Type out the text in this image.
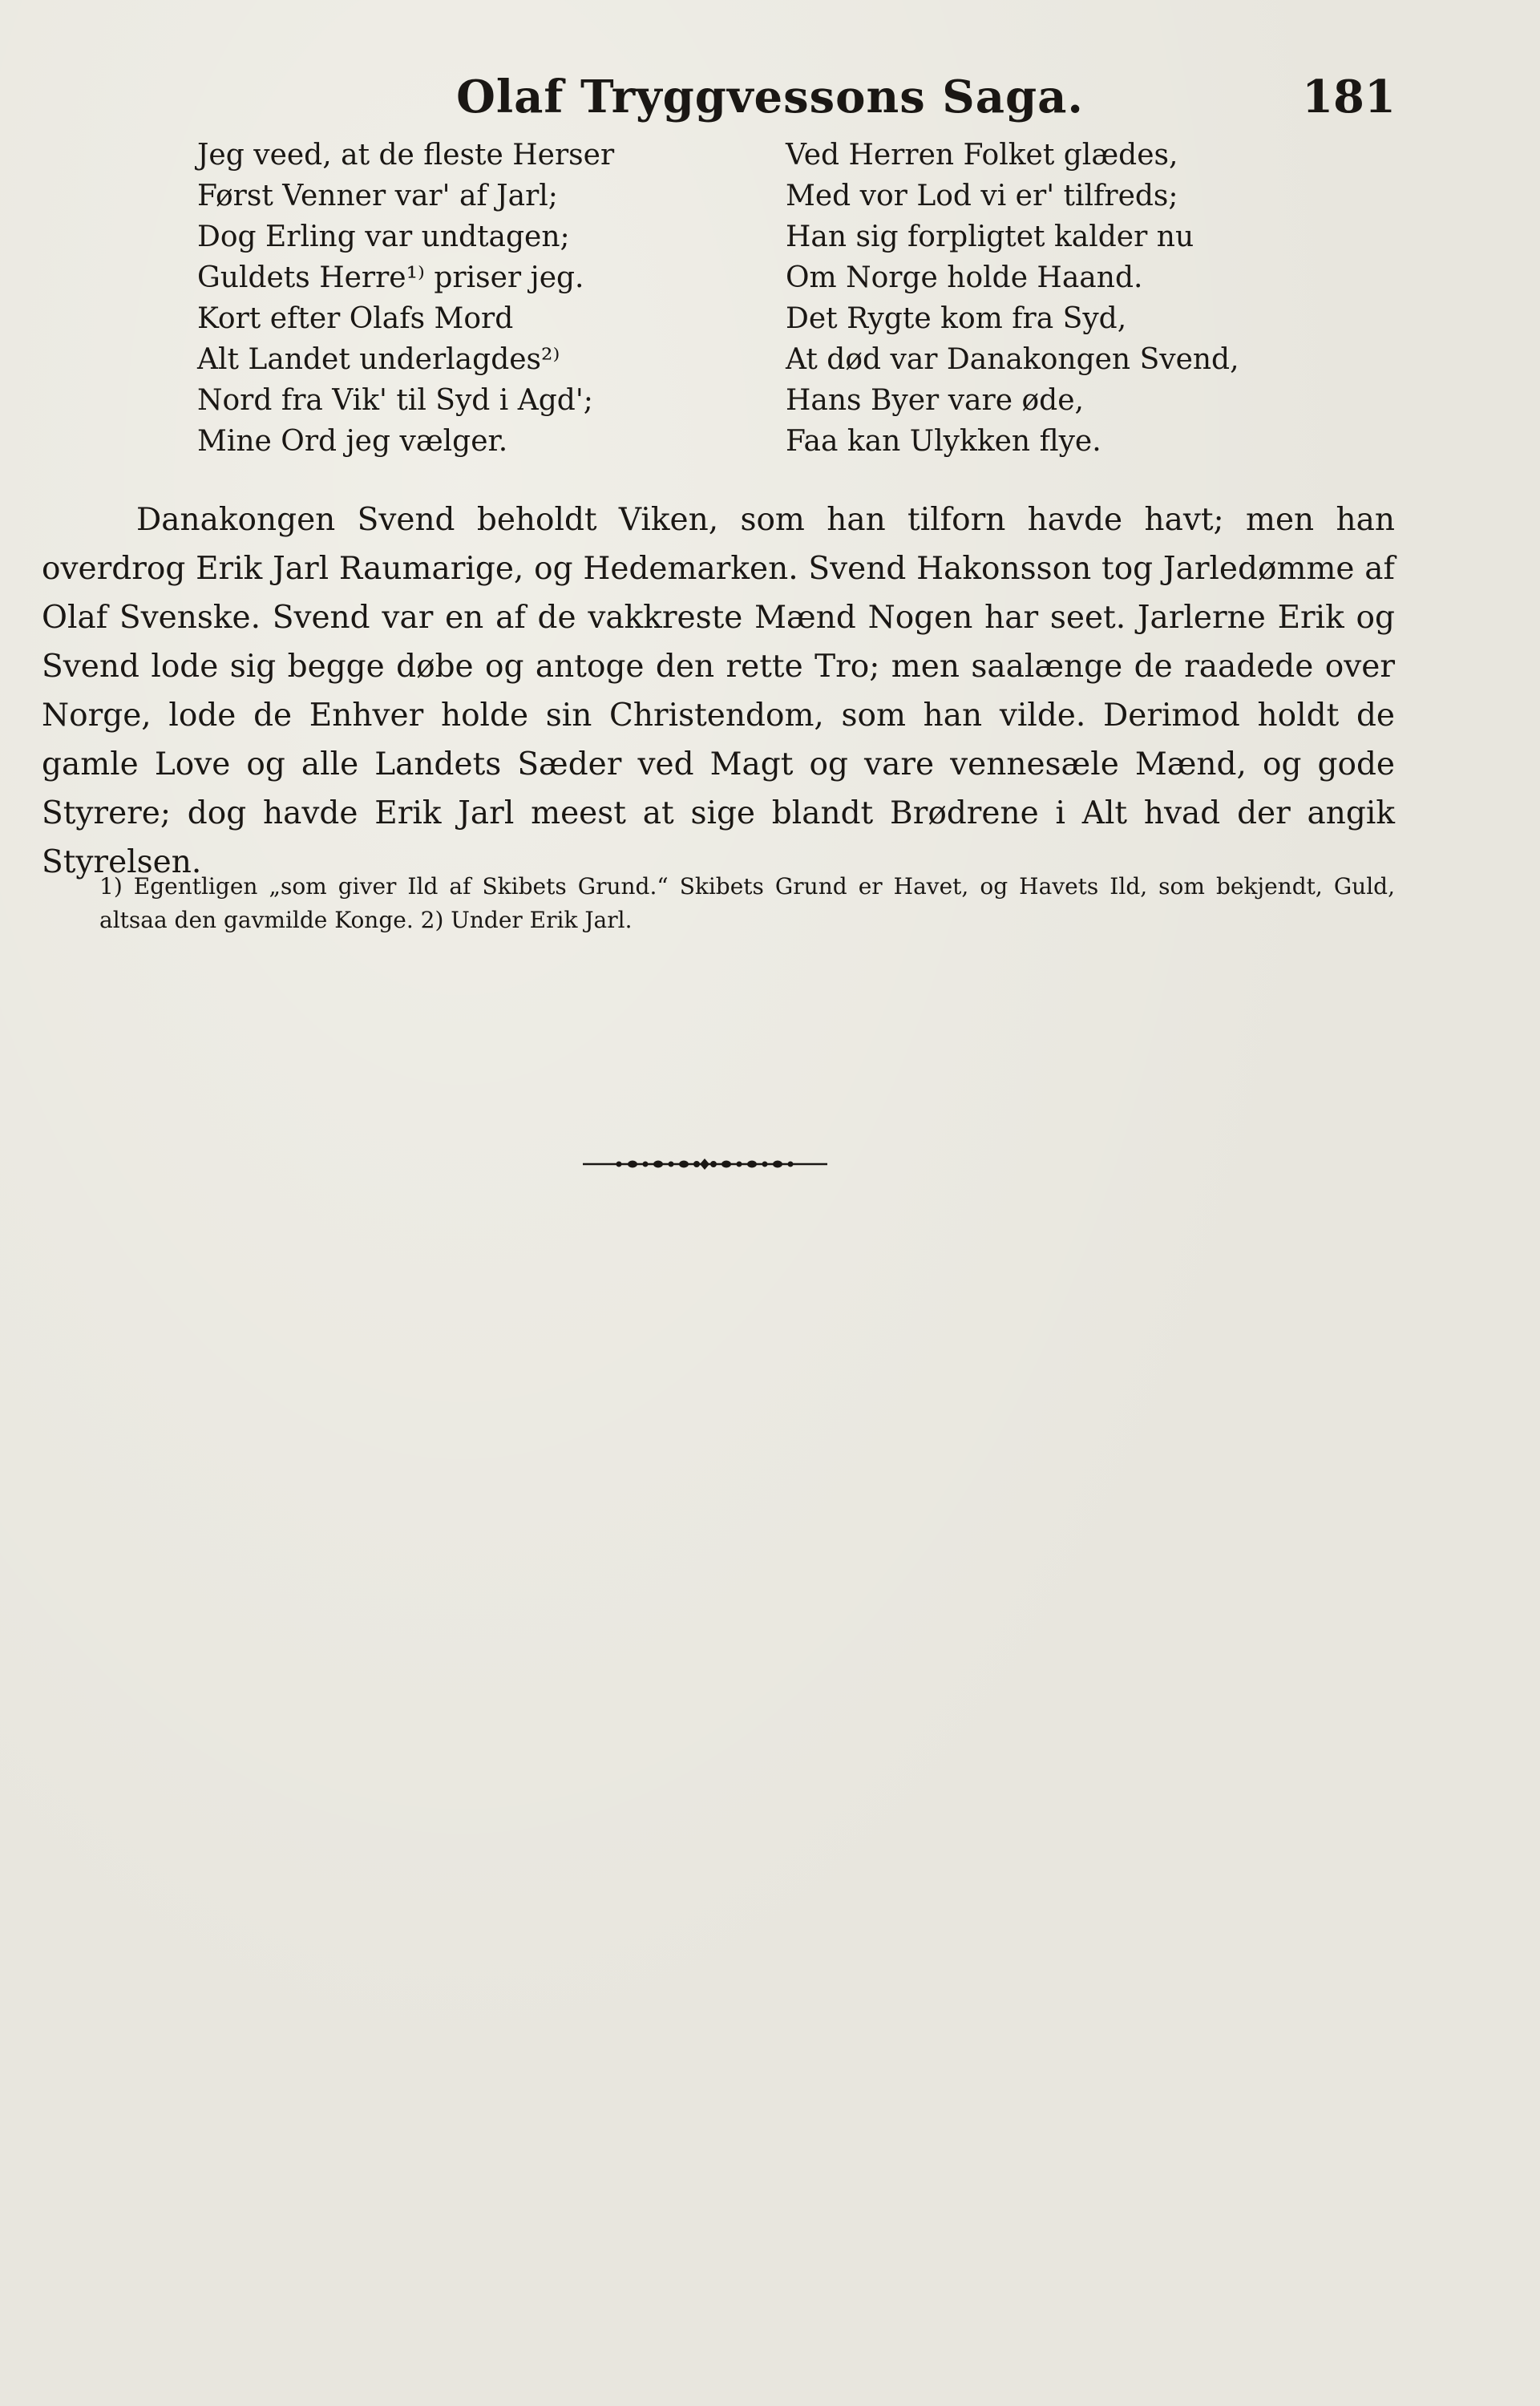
Olaf Tryggvessons Saga.	181
Jeg veed, at de fleste Herser
Først Venner var' af Jarl;
Dog Erling var undtagen;
Guldets Herre¹⁾ priser jeg.
Kort efter Olafs Mord
Alt Landet underlagdes²⁾
Nord fra Vik' til Syd i Agd';
Mine Ord jeg vælger.
Ved Herren Folket glædes,
Med vor Lod vi er' tilfreds;
Han sig forpligtet kalder nu
Om Norge holde Haand.
Det Rygte kom fra Syd,
At død var Danakongen Svend,
Hans Byer vare øde,
Faa kan Ulykken flye.

Danakongen Svend beholdt Viken, som han tilforn havde havt; men han overdrog Erik Jarl Raumarige, og Hedemarken. Svend Hakonsson tog Jarledømme af Olaf Svenske. Svend var en af de vakkreste Mænd Nogen har seet. Jarlerne Erik og Svend lode sig begge døbe og antoge den rette Tro; men saalænge de raadede over Norge, lode de Enhver holde sin Christendom, som han vilde. Derimod holdt de gamle Love og alle Landets Sæder ved Magt og vare vennesæle Mænd, og gode Styrere; dog havde Erik Jarl meest at sige blandt Brødrene i Alt hvad der angik Styrelsen.

1) Egentligen „som giver Ild af Skibets Grund.“ Skibets Grund er Havet, og Havets Ild, som bekjendt, Guld, altsaa den gavmilde Konge. 2) Under Erik Jarl.
